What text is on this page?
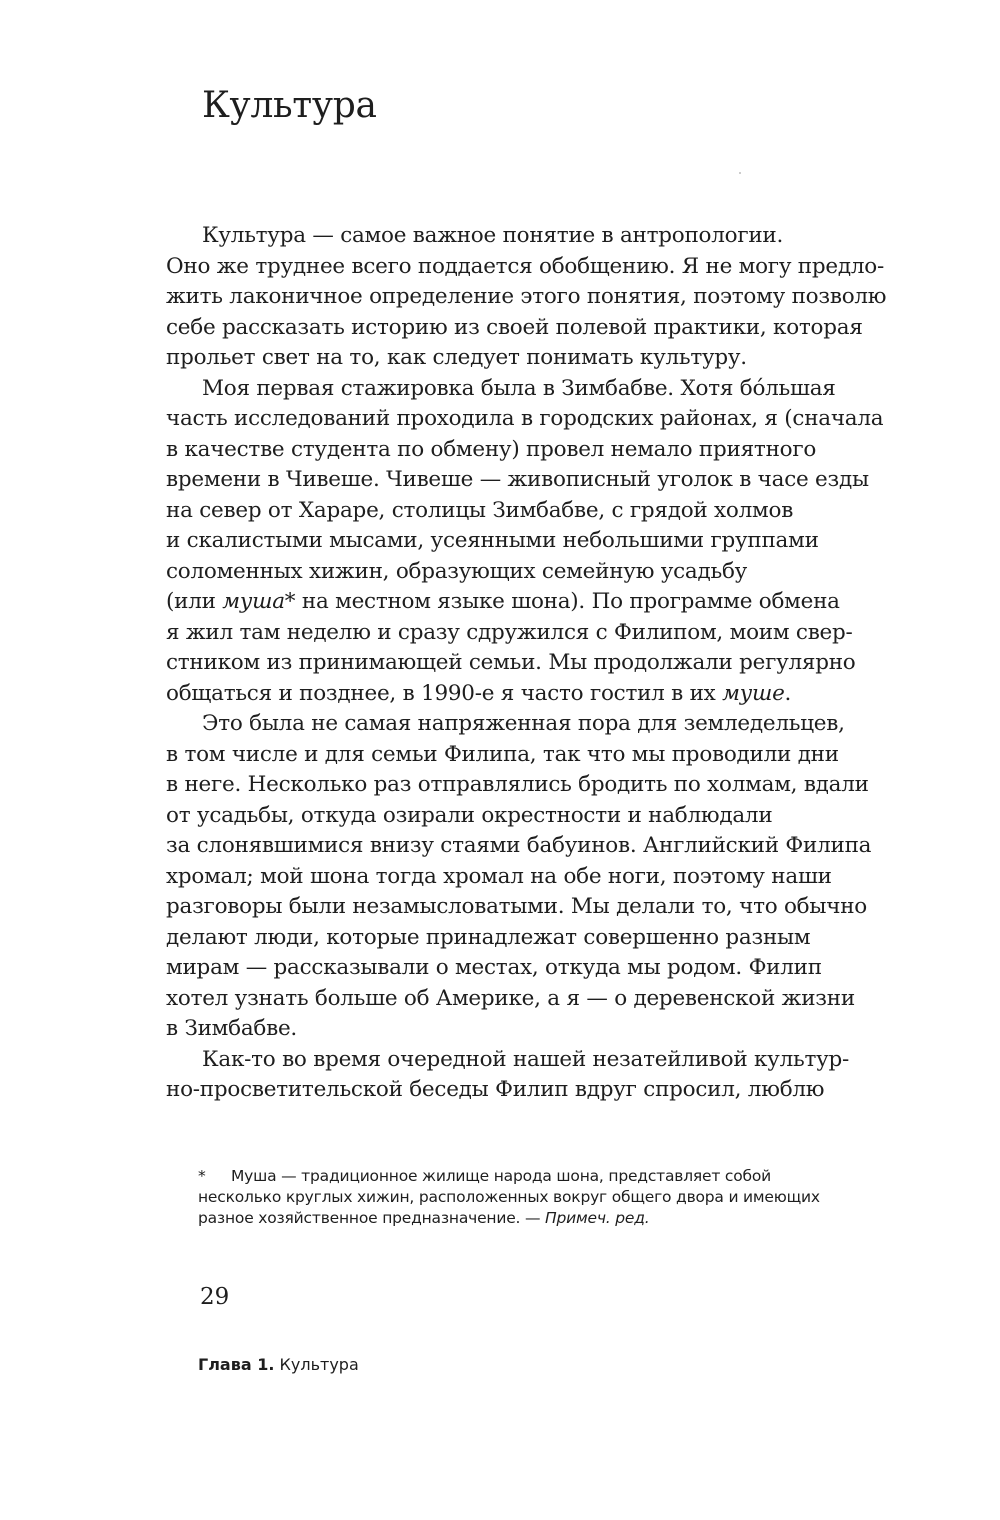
Культура
Культура — самое важное понятие в антропологии.
Оно же труднее всего поддается обобщению. Я не могу предло-
жить лаконичное определение этого понятия, поэтому позволю
себе рассказать историю из своей полевой практики, которая
прольет свет на то, как следует понимать культуру.
Моя первая стажировка была в Зимбабве. Хотя бóльшая
часть исследований проходила в городских районах, я (сначала
в качестве студента по обмену) провел немало приятного
времени в Чивеше. Чивеше — живописный уголок в часе езды
на север от Хараре, столицы Зимбабве, с грядой холмов
и скалистыми мысами, усеянными небольшими группами
соломенных хижин, образующих семейную усадьбу
(или муша* на местном языке шона). По программе обмена
я жил там неделю и сразу сдружился с Филипом, моим свер-
стником из принимающей семьи. Мы продолжали регулярно
общаться и позднее, в 1990-е я часто гостил в их муше.
Это была не самая напряженная пора для земледельцев,
в том числе и для семьи Филипа, так что мы проводили дни
в неге. Несколько раз отправлялись бродить по холмам, вдали
от усадьбы, откуда озирали окрестности и наблюдали
за слонявшимися внизу стаями бабуинов. Английский Филипа
хромал; мой шона тогда хромал на обе ноги, поэтому наши
разговоры были незамысловатыми. Мы делали то, что обычно
делают люди, которые принадлежат совершенно разным
мирам — рассказывали о местах, откуда мы родом. Филип
хотел узнать больше об Америке, а я — о деревенской жизни
в Зимбабве.
Как-то во время очередной нашей незатейливой культур-
но-просветительской беседы Филип вдруг спросил, люблю
*	Муша — традиционное жилище народа шона, представляет собой
несколько круглых хижин, расположенных вокруг общего двора и имеющих
разное хозяйственное предназначение. — Примеч. ред.
29
Глава 1. Культура
